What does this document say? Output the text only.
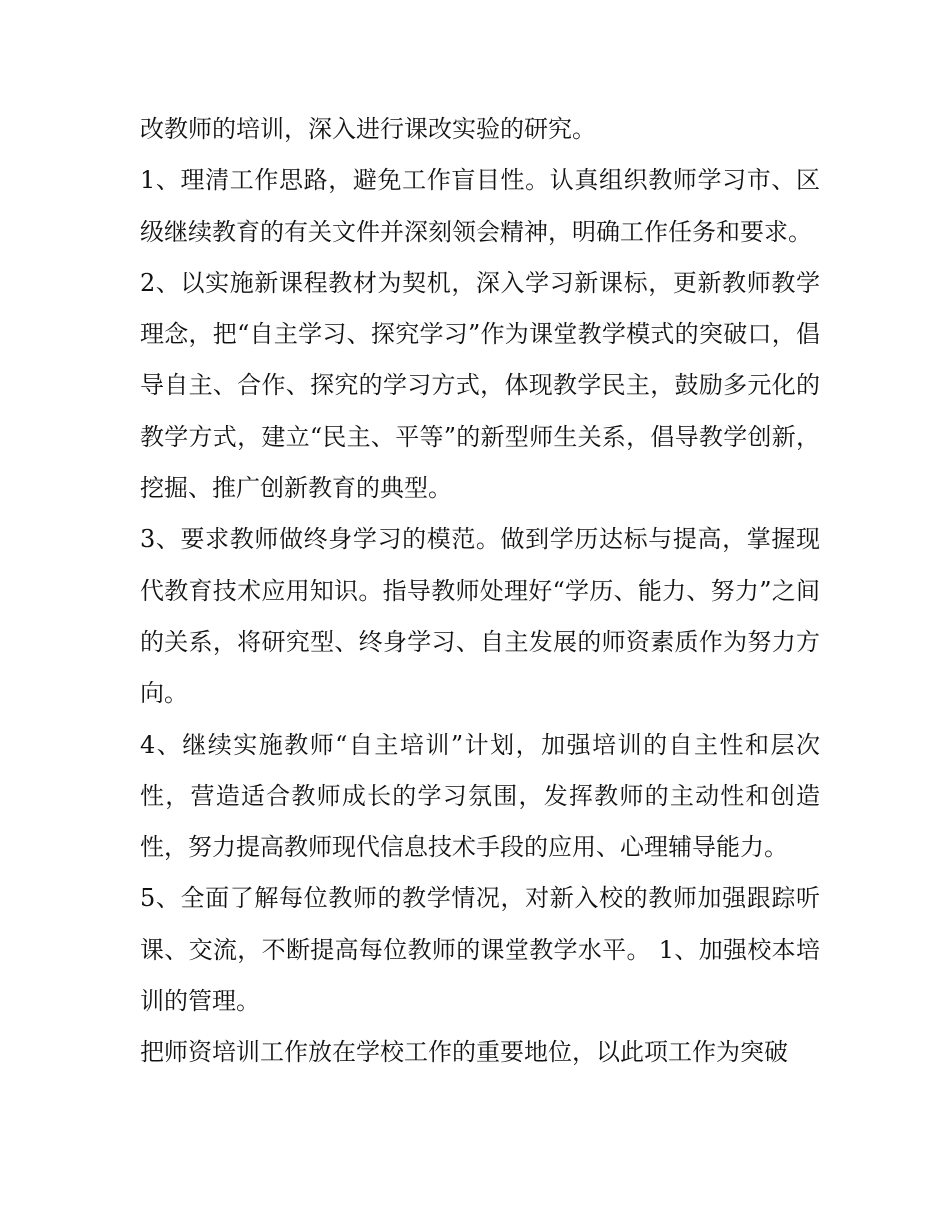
改教师的培训，深入进行课改实验的研究。

1、理清工作思路，避免工作盲目性。认真组织教师学习市、区级继续教育的有关文件并深刻领会精神，明确工作任务和要求。

2、以实施新课程教材为契机，深入学习新课标，更新教师教学理念，把“自主学习、探究学习”作为课堂教学模式的突破口，倡导自主、合作、探究的学习方式，体现教学民主，鼓励多元化的教学方式，建立“民主、平等”的新型师生关系，倡导教学创新，挖掘、推广创新教育的典型。

3、要求教师做终身学习的模范。做到学历达标与提高，掌握现代教育技术应用知识。指导教师处理好“学历、能力、努力”之间的关系，将研究型、终身学习、自主发展的师资素质作为努力方向。

4、继续实施教师“自主培训”计划，加强培训的自主性和层次性，营造适合教师成长的学习氛围，发挥教师的主动性和创造性，努力提高教师现代信息技术手段的应用、心理辅导能力。

5、全面了解每位教师的教学情况，对新入校的教师加强跟踪听课、交流，不断提高每位教师的课堂教学水平。 1、加强校本培训的管理。

把师资培训工作放在学校工作的重要地位，以此项工作为突破
